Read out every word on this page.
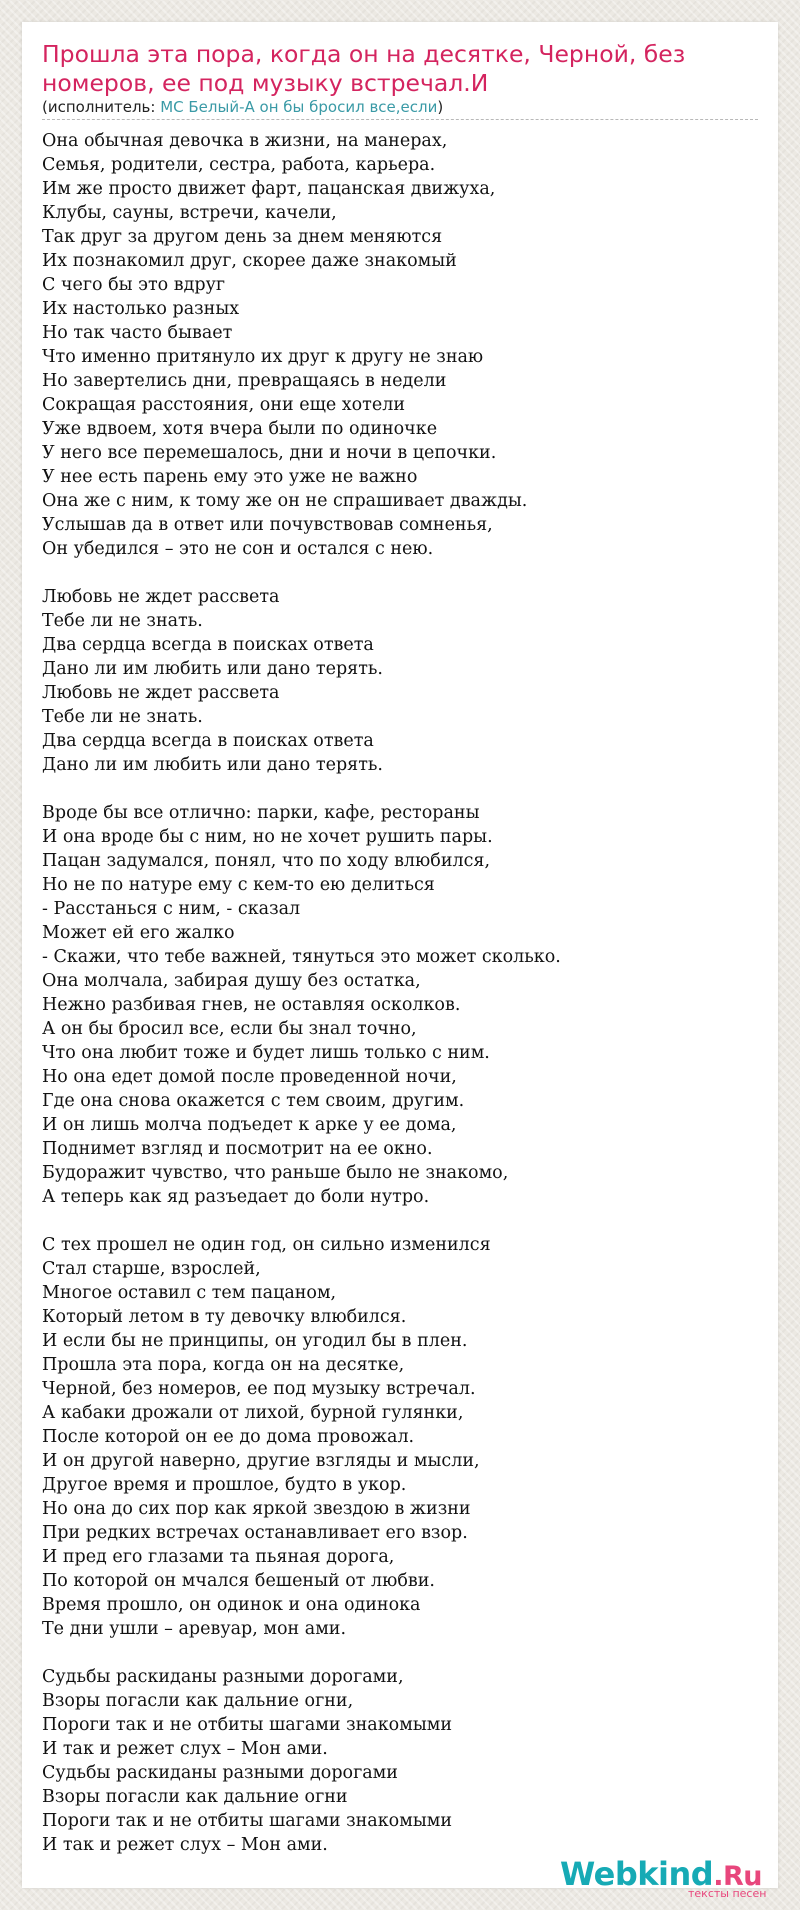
Прошла эта пора, когда он на десятке, Черной, без номеров, ее под музыку встречал.И
(исполнитель: MC Белый-А он бы бросил все,если)
Она обычная девочка в жизни, на манерах,
Семья, родители, сестра, работа, карьера.
Им же просто движет фарт, пацанская движуха,
Клубы, сауны, встречи, качели,
Так друг за другом день за днем меняются
Их познакомил друг, скорее даже знакомый
С чего бы это вдруг
Их настолько разных
Но так часто бывает
Что именно притянуло их друг к другу не знаю
Но завертелись дни, превращаясь в недели
Сокращая расстояния, они еще хотели
Уже вдвоем, хотя вчера были по одиночке
У него все перемешалось, дни и ночи в цепочки.
У нее есть парень ему это уже не важно
Она же с ним, к тому же он не спрашивает дважды.
Услышав да в ответ или почувствовав сомненья,
Он убедился – это не сон и остался с нею.
Любовь не ждет рассвета
Тебе ли не знать.
Два сердца всегда в поисках ответа
Дано ли им любить или дано терять.
Любовь не ждет рассвета
Тебе ли не знать.
Два сердца всегда в поисках ответа
Дано ли им любить или дано терять.
Вроде бы все отлично: парки, кафе, рестораны
И она вроде бы с ним, но не хочет рушить пары.
Пацан задумался, понял, что по ходу влюбился,
Но не по натуре ему с кем-то ею делиться
- Расстанься с ним, - сказал
Может ей его жалко
- Скажи, что тебе важней, тянуться это может сколько.
Она молчала, забирая душу без остатка,
Нежно разбивая гнев, не оставляя осколков.
А он бы бросил все, если бы знал точно,
Что она любит тоже и будет лишь только с ним.
Но она едет домой после проведенной ночи,
Где она снова окажется с тем своим, другим.
И он лишь молча подъедет к арке у ее дома,
Поднимет взгляд и посмотрит на ее окно.
Будоражит чувство, что раньше было не знакомо,
А теперь как яд разъедает до боли нутро.
С тех прошел не один год, он сильно изменился
Стал старше, взрослей,
Многое оставил с тем пацаном,
Который летом в ту девочку влюбился.
И если бы не принципы, он угодил бы в плен.
Прошла эта пора, когда он на десятке,
Черной, без номеров, ее под музыку встречал.
А кабаки дрожали от лихой, бурной гулянки,
После которой он ее до дома провожал.
И он другой наверно, другие взгляды и мысли,
Другое время и прошлое, будто в укор.
Но она до сих пор как яркой звездою в жизни
При редких встречах останавливает его взор.
И пред его глазами та пьяная дорога,
По которой он мчался бешеный от любви.
Время прошло, он одинок и она одинока
Те дни ушли – аревуар, мон ами.
Судьбы раскиданы разными дорогами,
Взоры погасли как дальние огни,
Пороги так и не отбиты шагами знакомыми
И так и режет слух – Мон ами.
Судьбы раскиданы разными дорогами
Взоры погасли как дальние огни
Пороги так и не отбиты шагами знакомыми
И так и режет слух – Мон ами.
Webkind.Ru
тексты песен
